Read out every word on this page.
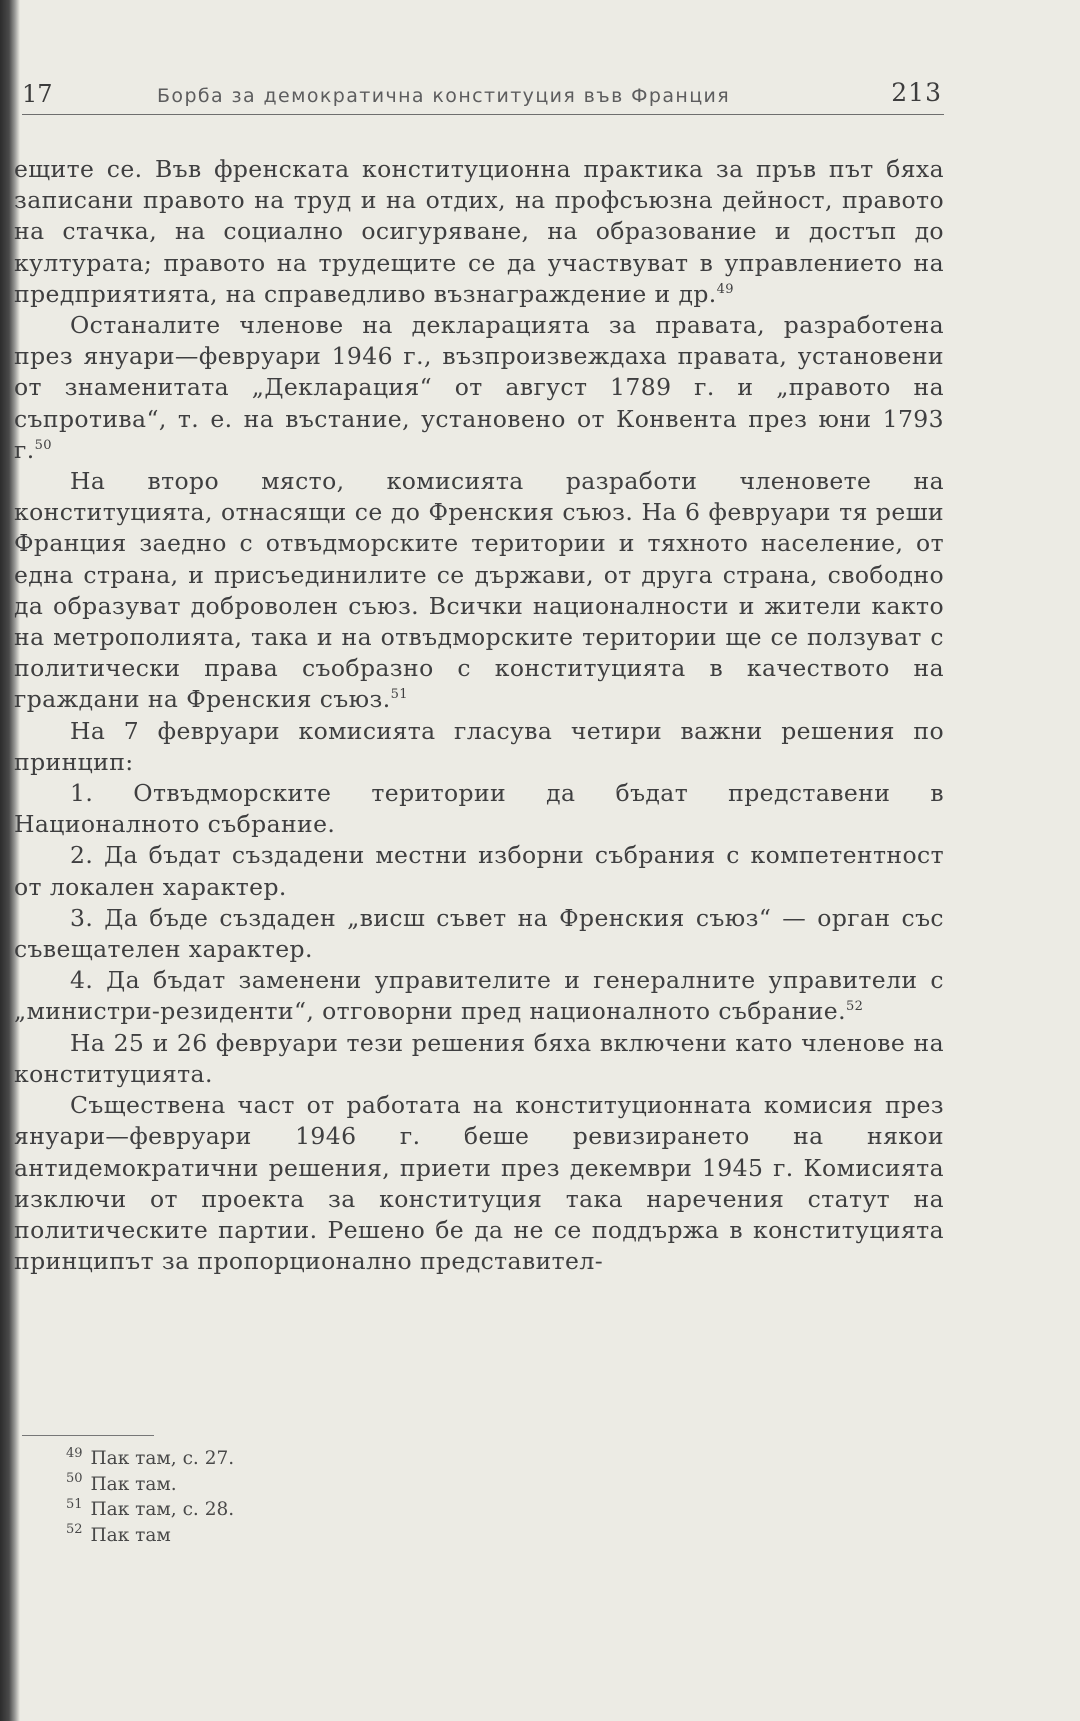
17	Борба за демократична конституция във Франция	213

ещите се. Във френската конституционна практика за пръв път бяха записани правото на труд и на отдих, на профсъюзна дейност, правото на стачка, на социално осигуряване, на образование и достъп до културата; правото на трудещите се да участвуват в управлението на предприятията, на справедливо възнаграждение и др.$^{49}$

Останалите членове на декларацията за правата, разработена през януари—февруари 1946 г., възпроизвеждаха правата, установени от знаменитата „Декларация“ от август 1789 г. и „правото на съпротива“, т. е. на въстание, установено от Конвента през юни 1793 г.$^{50}$

На второ място, комисията разработи членовете на конституцията, отнасящи се до Френския съюз. На 6 февруари тя реши Франция заедно с отвъдморските територии и тяхното население, от една страна, и присъединилите се държави, от друга страна, свободно да образуват доброволен съюз. Всички националности и жители както на метрополията, така и на отвъдморските територии ще се ползуват с политически права съобразно с конституцията в качеството на граждани на Френския съюз.$^{51}$

На 7 февруари комисията гласува четири важни решения по принцип:

1. Отвъдморските територии да бъдат представени в Националното събрание.

2. Да бъдат създадени местни изборни събрания с компетентност от локален характер.

3. Да бъде създаден „висш съвет на Френския съюз“ — орган със съвещателен характер.

4. Да бъдат заменени управителите и генералните управители с „министри-резиденти“, отговорни пред националното събрание.$^{52}$

На 25 и 26 февруари тези решения бяха включени като членове на конституцията.

Съществена част от работата на конституционната комисия през януари—февруари 1946 г. беше ревизирането на някои антидемократични решения, приети през декември 1945 г. Комисията изключи от проекта за конституция така наречения статут на политическите партии. Решено бе да не се поддържа в конституцията принципът за пропорционално представител-

$^{49}$ Пак там, с. 27.
$^{50}$ Пак там.
$^{51}$ Пак там, с. 28.
$^{52}$ Пак там
